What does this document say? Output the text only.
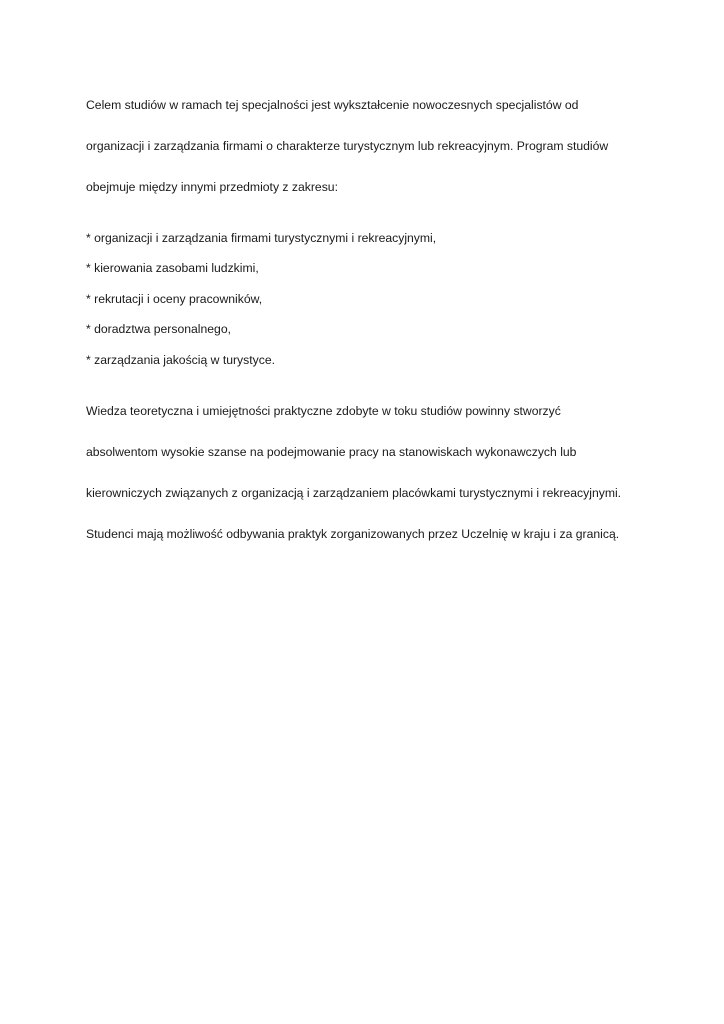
Celem studiów w ramach tej specjalności jest wykształcenie nowoczesnych specjalistów od

organizacji i zarządzania firmami o charakterze turystycznym lub rekreacyjnym. Program studiów

obejmuje między innymi przedmioty z zakresu:

* organizacji i zarządzania firmami turystycznymi i rekreacyjnymi,

* kierowania zasobami ludzkimi,

* rekrutacji i oceny pracowników,

* doradztwa personalnego,

* zarządzania jakością w turystyce.

Wiedza teoretyczna i umiejętności praktyczne zdobyte w toku studiów powinny stworzyć

absolwentom wysokie szanse na podejmowanie pracy na stanowiskach wykonawczych lub

kierowniczych związanych z organizacją i zarządzaniem placówkami turystycznymi i rekreacyjnymi.

Studenci mają możliwość odbywania praktyk zorganizowanych przez Uczelnię w kraju i za granicą.
